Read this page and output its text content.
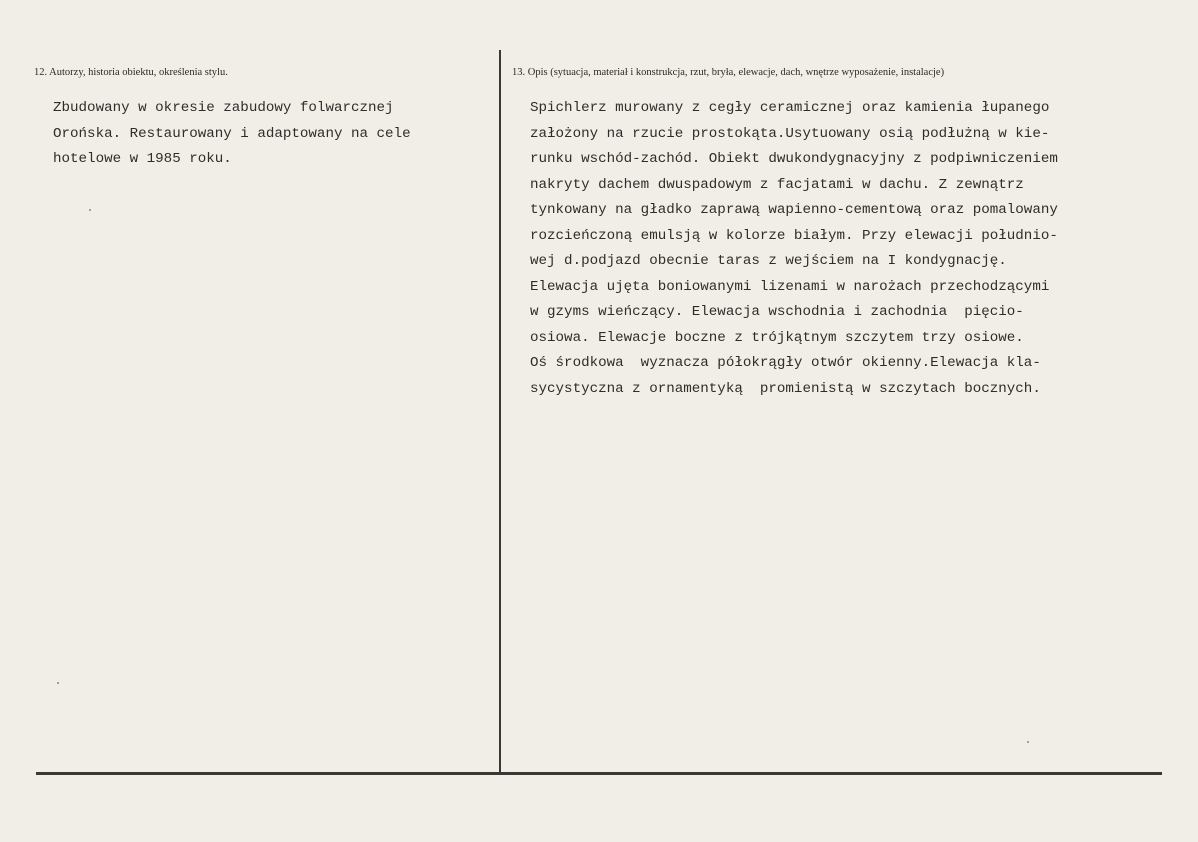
12. Autorzy, historia obiektu, określenia stylu.	13. Opis (sytuacja, materiał i konstrukcja, rzut, bryła, elewacje, dach, wnętrze wyposażenie, instalacje)
Zbudowany w okresie zabudowy folwarcznej
Orońska. Restaurowany i adaptowany na cele
hotelowe w 1985 roku.
Spichlerz murowany z cegły ceramicznej oraz kamienia łupanego
założony na rzucie prostokąta.Usytuowany osią podłużną w kie-
runku wschód-zachód. Obiekt dwukondygnacyjny z podpiwniczeniem
nakryty dachem dwuspadowym z facjatami w dachu. Z zewnątrz
tynkowany na gładko zaprawą wapienno-cementową oraz pomalowany
rozcieńczoną emulsją w kolorze białym. Przy elewacji południo-
wej d.podjazd obecnie taras z wejściem na I kondygnację.
Elewacja ujęta boniowanymi lizenami w narożach przechodzącymi
w gzyms wieńczący. Elewacja wschodnia i zachodnia  pięcio-
osiowa. Elewacje boczne z trójkątnym szczytem trzy osiowe.
Oś środkowa  wyznacza półokrągły otwór okienny.Elewacja kla-
sycystyczna z ornamentyką  promienistą w szczytach bocznych.
